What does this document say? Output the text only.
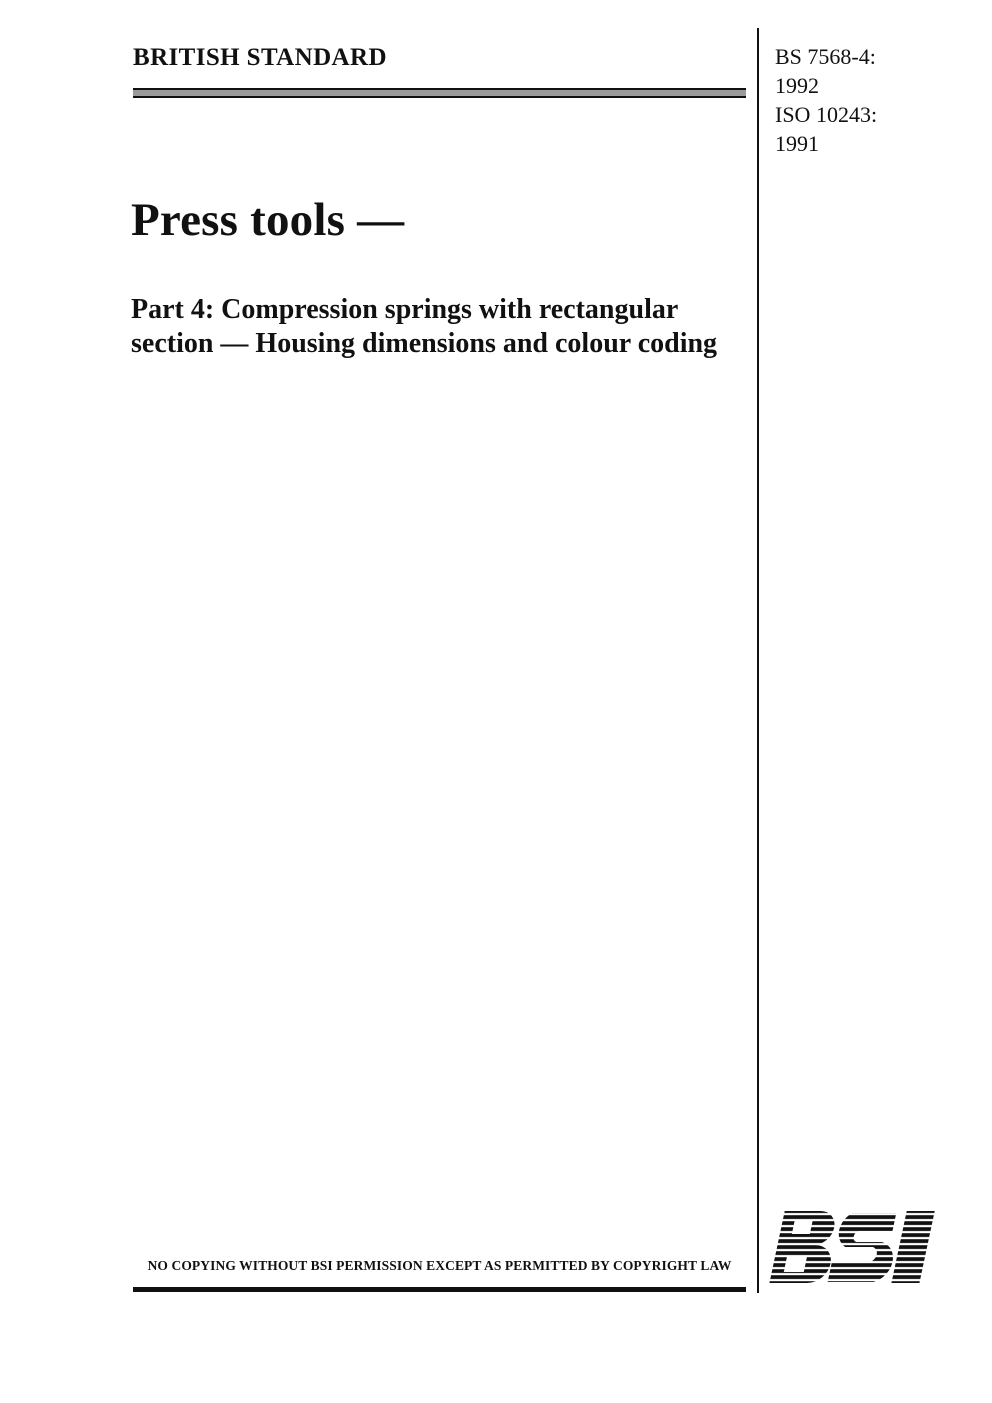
BRITISH STANDARD	BS 7568-4:
1992
ISO 10243:
1991
Press tools —
Part 4: Compression springs with rectangular section — Housing dimensions and colour coding
NO COPYING WITHOUT BSI PERMISSION EXCEPT AS PERMITTED BY COPYRIGHT LAW
